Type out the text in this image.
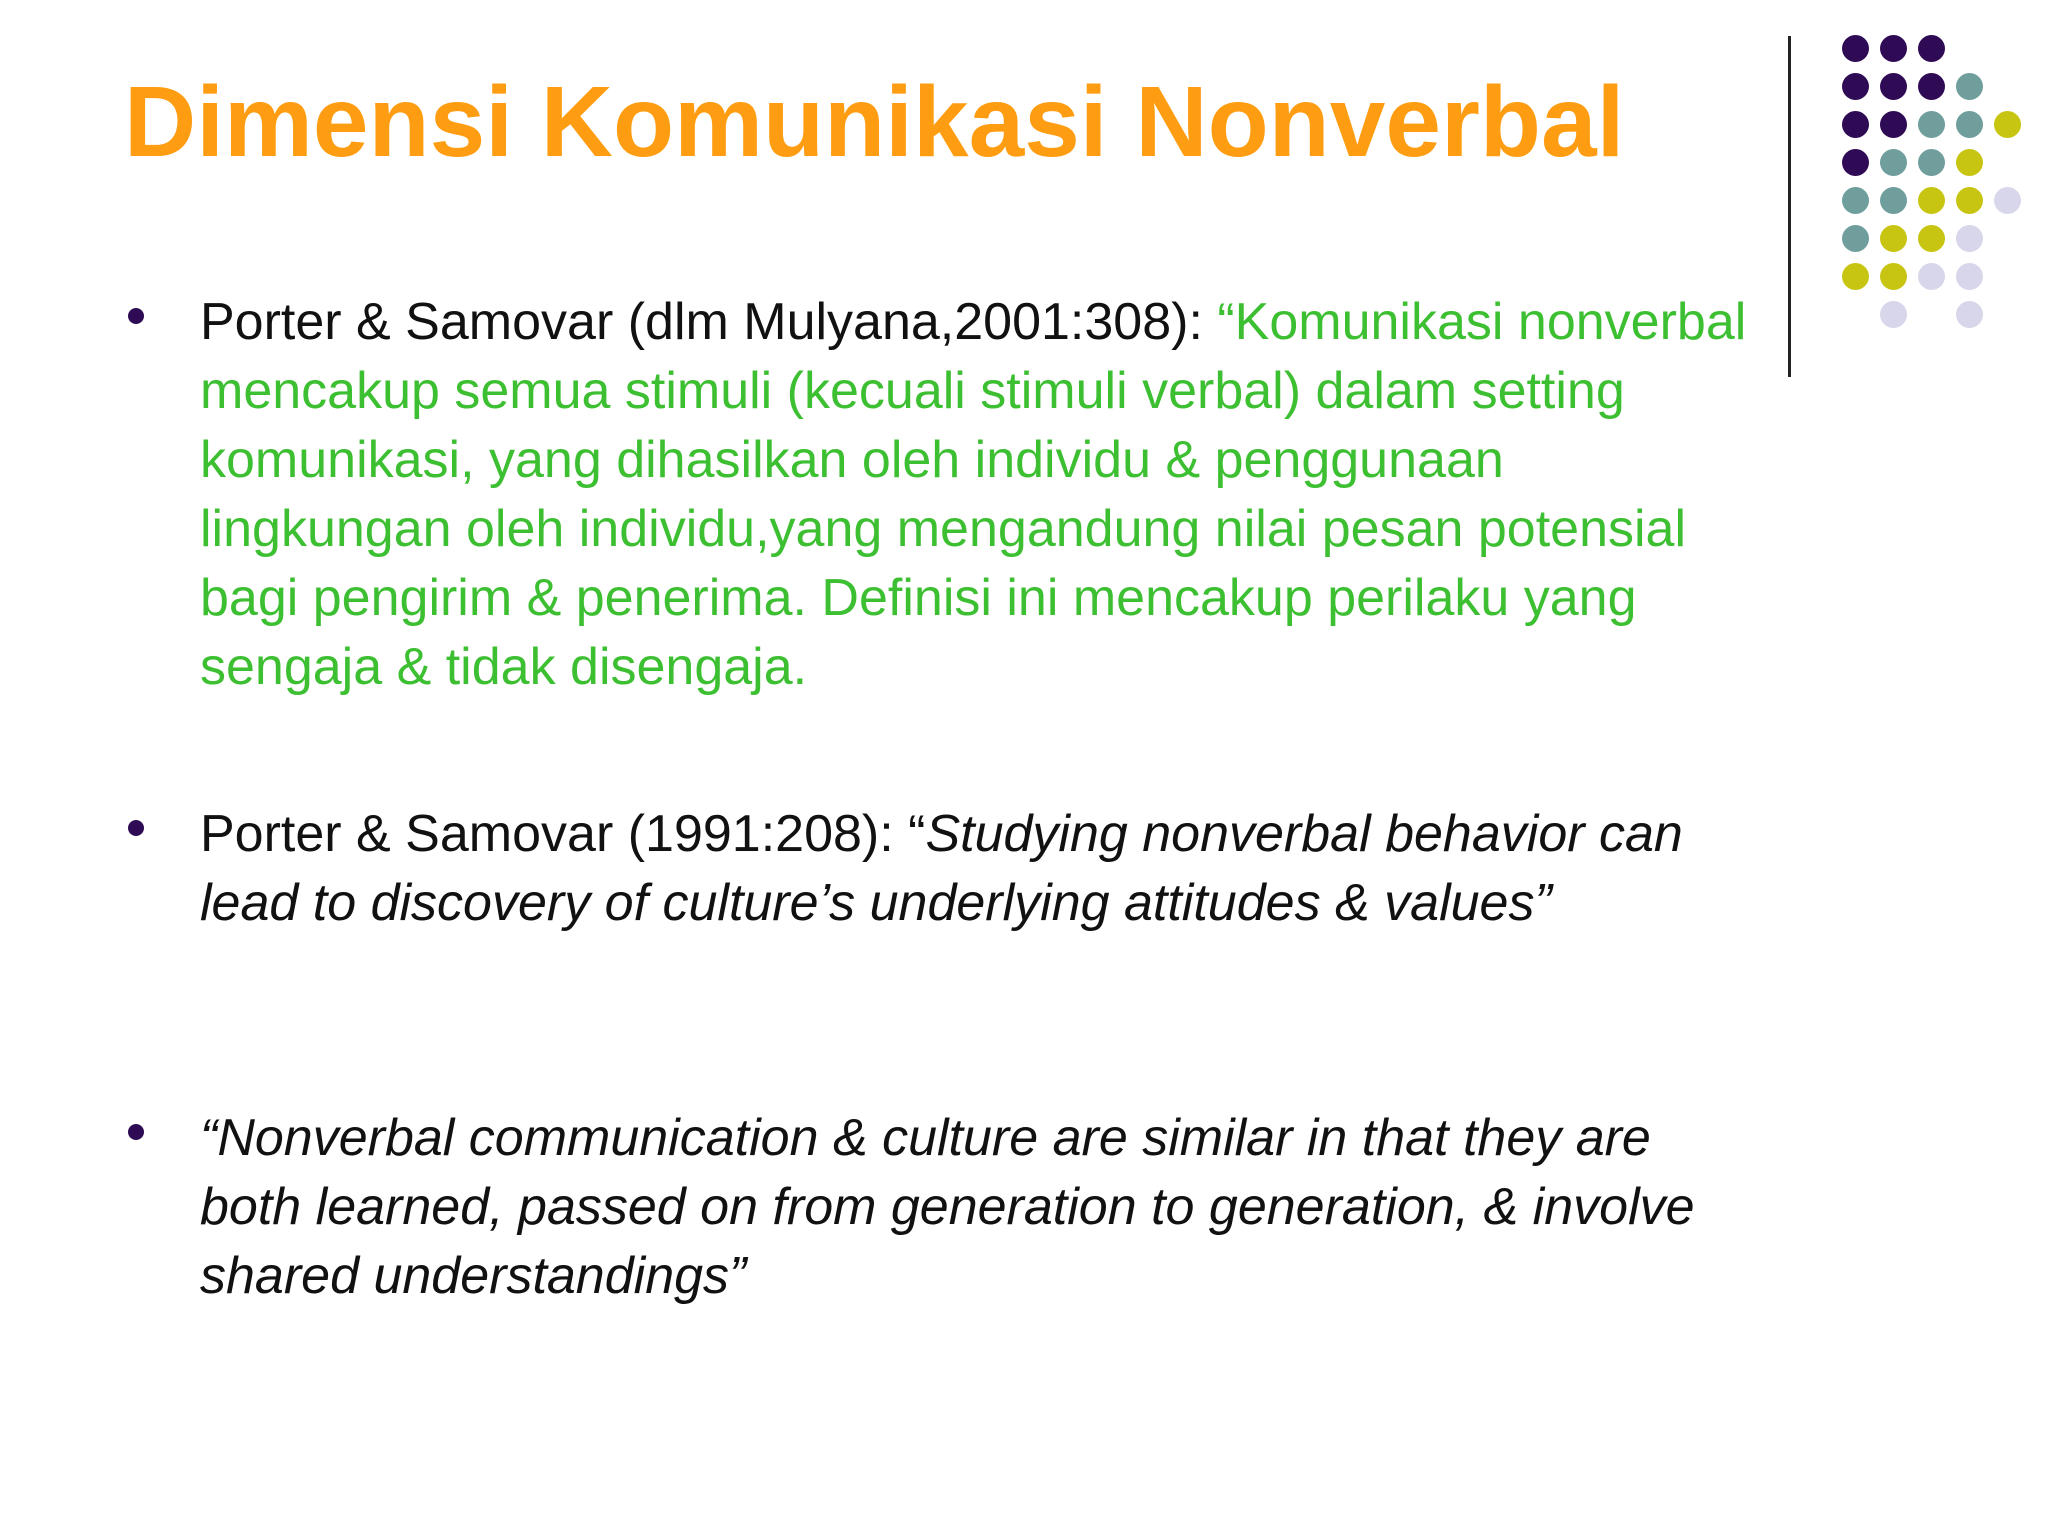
Dimensi Komunikasi Nonverbal

Porter & Samovar (dlm Mulyana,2001:308): “Komunikasi nonverbal mencakup semua stimuli (kecuali stimuli verbal) dalam setting komunikasi, yang dihasilkan oleh individu & penggunaan lingkungan oleh individu,yang mengandung nilai pesan potensial bagi pengirim & penerima. Definisi ini mencakup perilaku yang sengaja & tidak disengaja.

Porter & Samovar (1991:208): “Studying nonverbal behavior can lead to discovery of culture’s underlying attitudes & values”

“Nonverbal communication & culture are similar in that they are both learned, passed on from generation to generation, & involve shared understandings”
